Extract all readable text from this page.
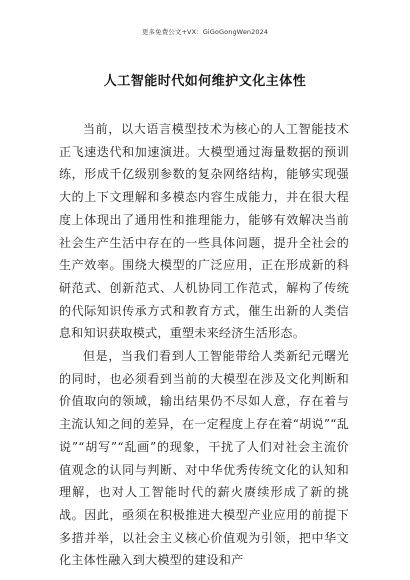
更多免费公文+VX：GiGoGongWen2024
人工智能时代如何维护文化主体性

当前，以大语言模型技术为核心的人工智能技术正飞速迭代和加速演进。大模型通过海量数据的预训练，形成千亿级别参数的复杂网络结构，能够实现强大的上下文理解和多模态内容生成能力，并在很大程度上体现出了通用性和推理能力，能够有效解决当前社会生产生活中存在的一些具体问题，提升全社会的生产效率。围绕大模型的广泛应用，正在形成新的科研范式、创新范式、人机协同工作范式，解构了传统的代际知识传承方式和教育方式，催生出新的人类信息和知识获取模式，重塑未来经济生活形态。

但是，当我们看到人工智能带给人类新纪元曙光的同时，也必须看到当前的大模型在涉及文化判断和价值取向的领域，输出结果仍不尽如人意，存在着与主流认知之间的差异，在一定程度上存在着“胡说”“乱说”“胡写”“乱画”的现象，干扰了人们对社会主流价值观念的认同与判断、对中华优秀传统文化的认知和理解，也对人工智能时代的薪火赓续形成了新的挑战。因此，亟须在积极推进大模型产业应用的前提下多措并举，以社会主义核心价值观为引领，把中华文化主体性融入到大模型的建设和产
